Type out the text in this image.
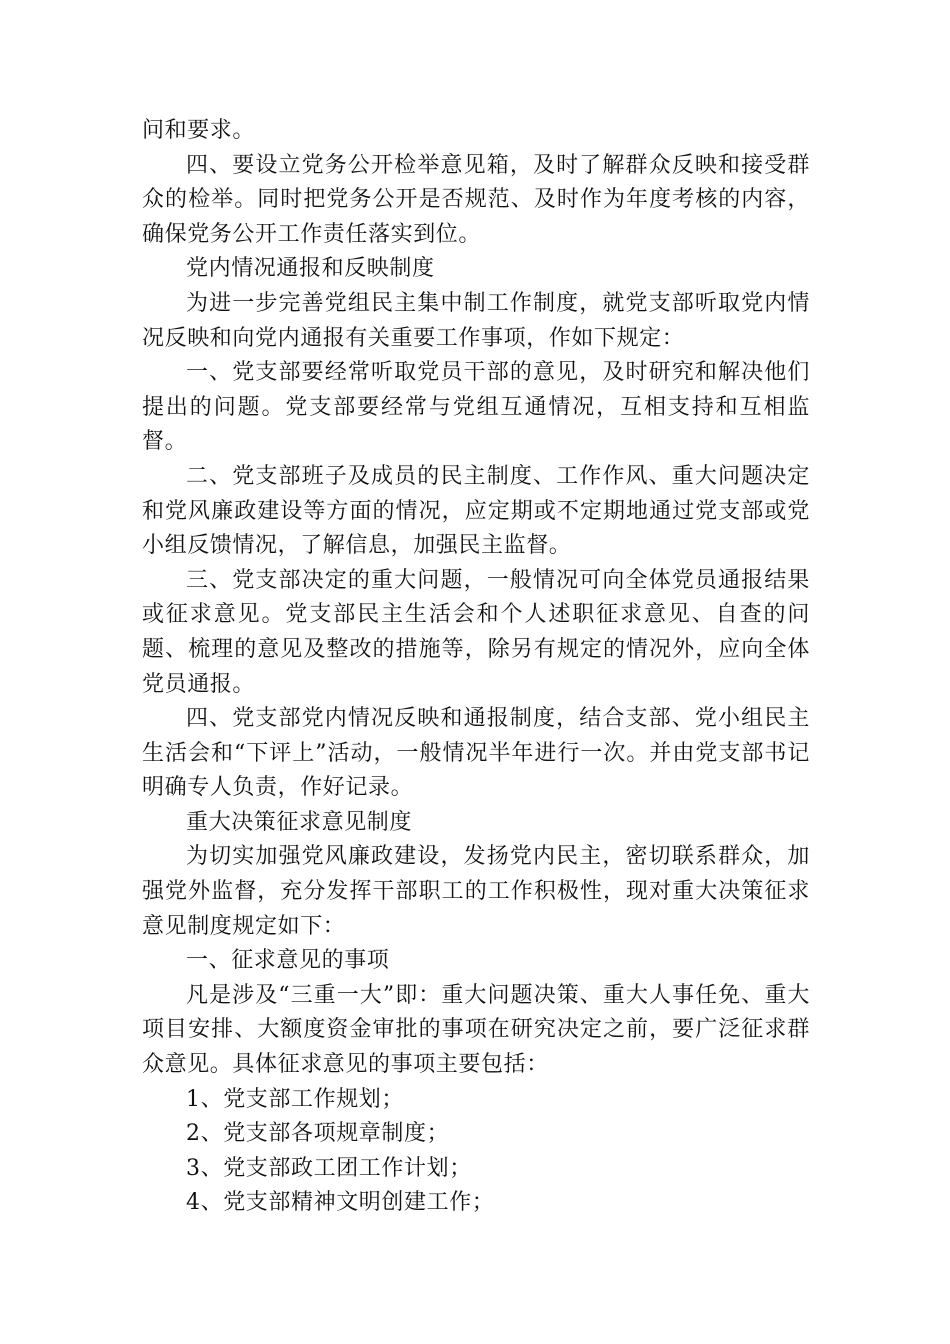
问和要求。

四、要设立党务公开检举意见箱，及时了解群众反映和接受群众的检举。同时把党务公开是否规范、及时作为年度考核的内容，确保党务公开工作责任落实到位。

党内情况通报和反映制度

为进一步完善党组民主集中制工作制度，就党支部听取党内情况反映和向党内通报有关重要工作事项，作如下规定：

一、党支部要经常听取党员干部的意见，及时研究和解决他们提出的问题。党支部要经常与党组互通情况，互相支持和互相监督。

二、党支部班子及成员的民主制度、工作作风、重大问题决定和党风廉政建设等方面的情况，应定期或不定期地通过党支部或党小组反馈情况，了解信息，加强民主监督。

三、党支部决定的重大问题，一般情况可向全体党员通报结果或征求意见。党支部民主生活会和个人述职征求意见、自查的问题、梳理的意见及整改的措施等，除另有规定的情况外，应向全体党员通报。

四、党支部党内情况反映和通报制度，结合支部、党小组民主生活会和“下评上”活动，一般情况半年进行一次。并由党支部书记明确专人负责，作好记录。

重大决策征求意见制度

为切实加强党风廉政建设，发扬党内民主，密切联系群众，加强党外监督，充分发挥干部职工的工作积极性，现对重大决策征求意见制度规定如下：

一、征求意见的事项

凡是涉及“三重一大”即：重大问题决策、重大人事任免、重大项目安排、大额度资金审批的事项在研究决定之前，要广泛征求群众意见。具体征求意见的事项主要包括：

1、党支部工作规划；

2、党支部各项规章制度；

3、党支部政工团工作计划；

4、党支部精神文明创建工作；
